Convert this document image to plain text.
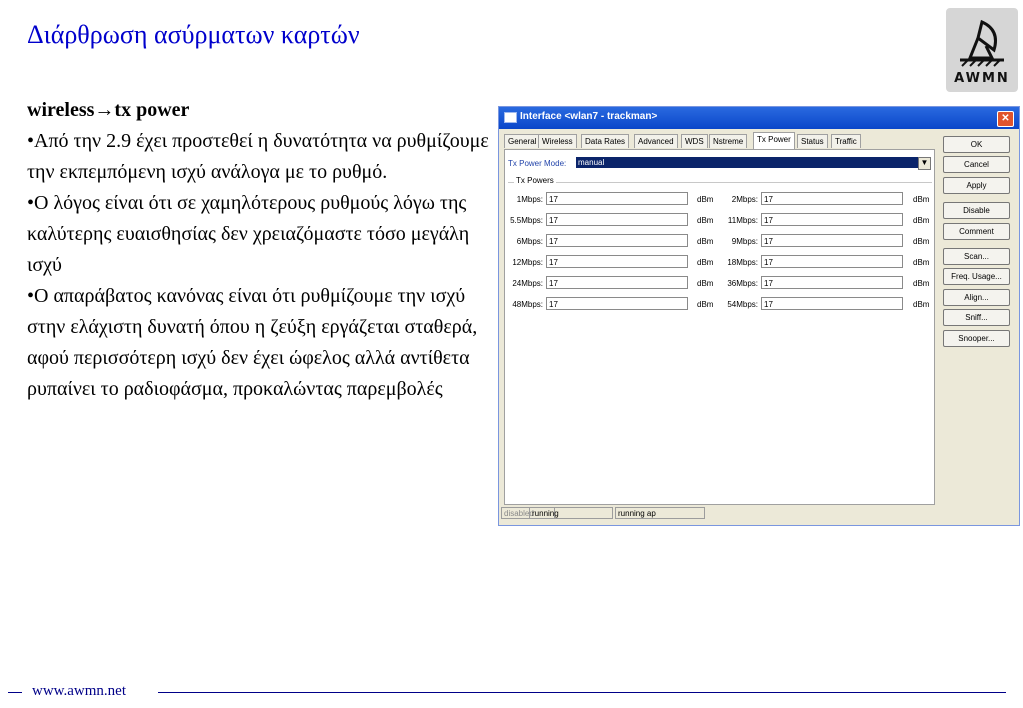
Διάρθρωση ασύρματων καρτών
AWMN
wireless→tx power

•Από την 2.9 έχει προστεθεί η δυνατότητα να ρυθμίζουμε την εκπεμπόμενη ισχύ ανάλογα με το ρυθμό.

•Ο λόγος είναι ότι σε χαμηλότερους ρυθμούς λόγω της καλύτερης ευαισθησίας δεν χρειαζόμαστε τόσο μεγάλη ισχύ

•Ο απαράβατος κανόνας είναι ότι ρυθμίζουμε την ισχύ στην ελάχιστη δυνατή όπου η ζεύξη εργάζεται σταθερά, αφού περισσότερη ισχύ δεν έχει ώφελος αλλά αντίθετα ρυπαίνει το ραδιοφάσμα, προκαλώντας παρεμβολές

www.awmn.net
Interface <wlan7 - trackman>	✕
General Wireless	Data Rates	Advanced	WDS	Nstreme	Tx Power	Status	Traffic
Tx Power Mode: manual	▼
Tx Powers
1Mbps: 17	dBm	2Mbps: 17	dBm
5.5Mbps: 17	dBm	11Mbps: 17	dBm
6Mbps: 17	dBm	9Mbps: 17	dBm
12Mbps: 17	dBm	18Mbps: 17	dBm
24Mbps: 17	dBm	36Mbps: 17	dBm
48Mbps: 17	dBm	54Mbps: 17	dBm
OK
Cancel
Apply
Disable
Comment
Scan...
Freq. Usage...
Align...
Sniff...
Snooper...
disabled
running	running ap
